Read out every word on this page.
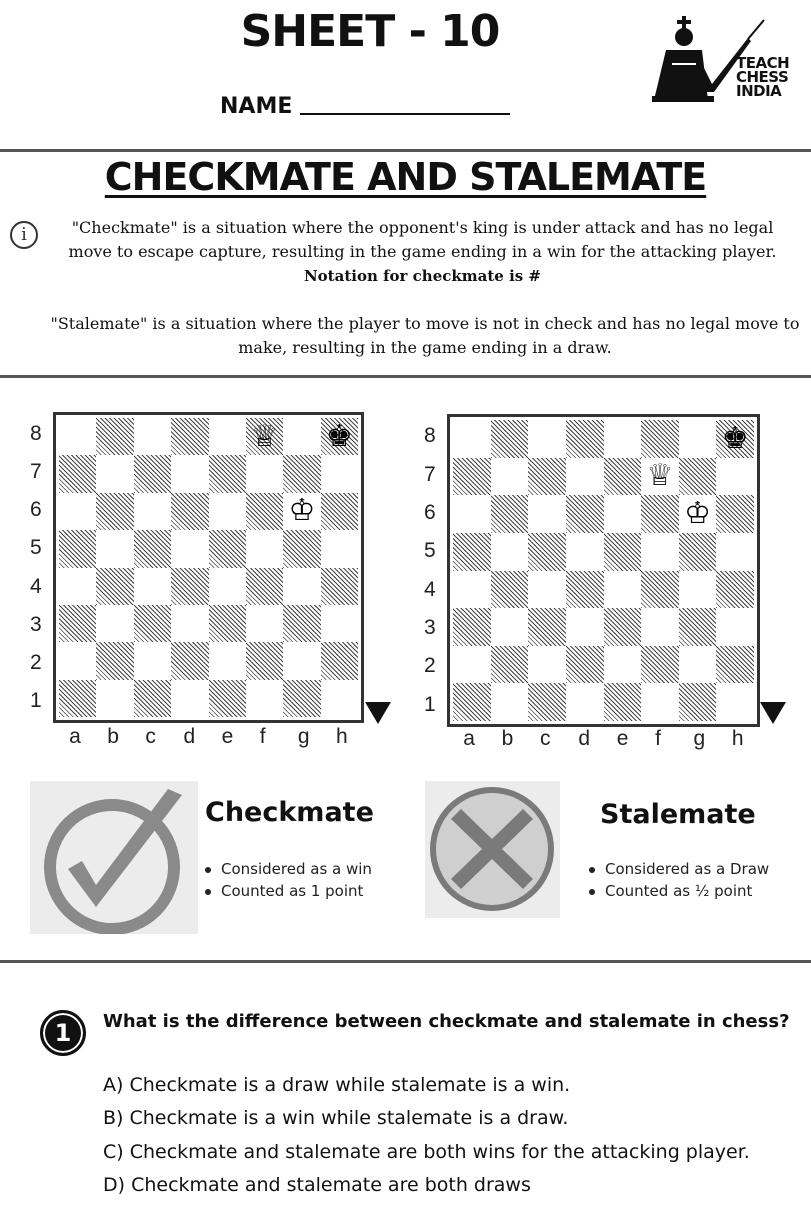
SHEET - 10
NAME
TEACH
CHESS
INDIA
CHECKMATE AND STALEMATE
i	"Checkmate" is a situation where the opponent's king is under attack and has no legal move to escape capture, resulting in the game ending in a win for the attacking player.
Notation for checkmate is #
"Stalemate" is a situation where the player to move is not in check and has no legal move to make, resulting in the game ending in a draw.
♕ ♚
♔
8
7
6
5
4
3
2
1
a b c d e f g h
♚
♕
♔
8
7
6
5
4
3
2
1
a b c d e f g h
Checkmate
Considered as a win
Counted as 1 point
Stalemate
Considered as a Draw
Counted as ½ point
1	What is the difference between checkmate and stalemate in chess?
A) Checkmate is a draw while stalemate is a win.
B) Checkmate is a win while stalemate is a draw.
C) Checkmate and stalemate are both wins for the attacking player.
D) Checkmate and stalemate are both draws
